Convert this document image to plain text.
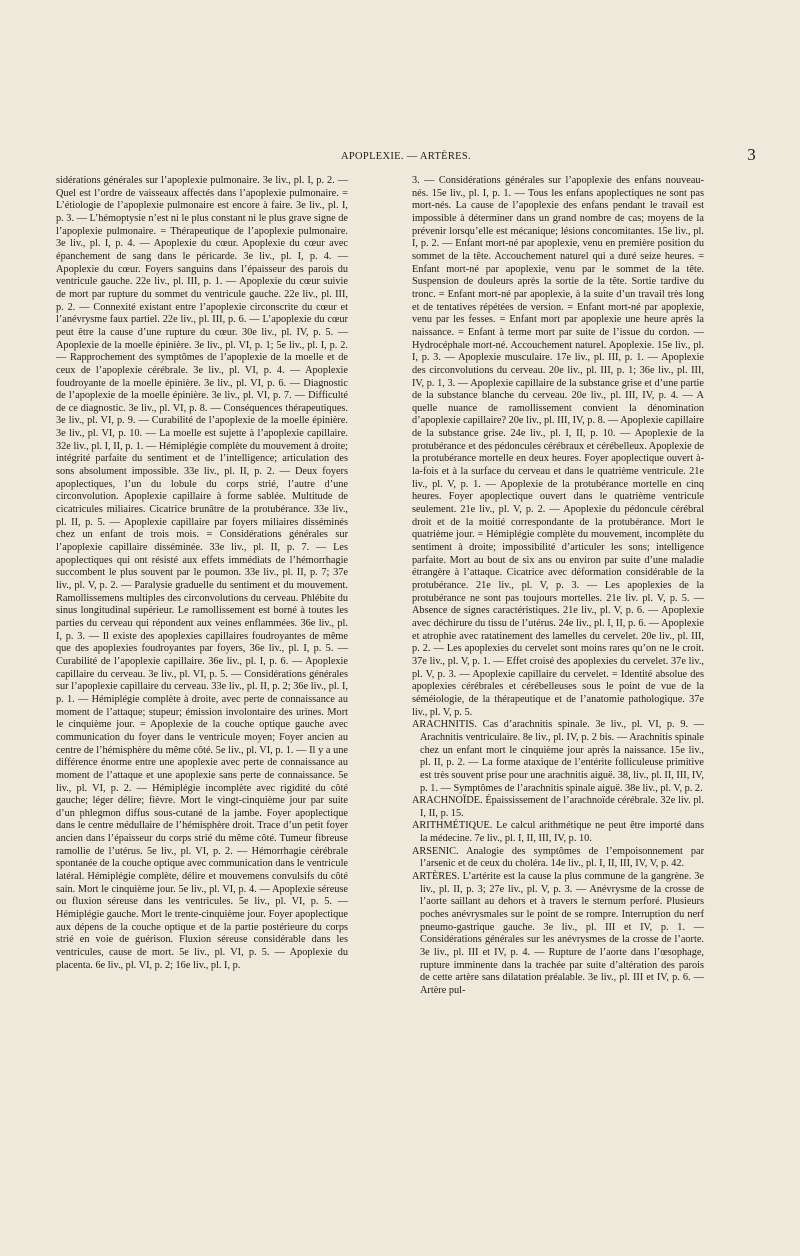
APOPLEXIE. — ARTÈRES.	3

sidérations générales sur l’apoplexie pulmonaire. 3e liv., pl. I, p. 2. — Quel est l’ordre de vaisseaux affectés dans l’apoplexie pulmonaire. = L’étiologie de l’apoplexie pulmonaire est encore à faire. 3e liv., pl. I, p. 3. — L’hémoptysie n’est ni le plus constant ni le plus grave signe de l’apoplexie pulmonaire. = Thérapeutique de l’apoplexie pulmonaire. 3e liv., pl. I, p. 4. — Apoplexie du cœur. Apoplexie du cœur avec épanchement de sang dans le péricarde. 3e liv., pl. I, p. 4. — Apoplexie du cœur. Foyers sanguins dans l’épaisseur des parois du ventricule gauche. 22e liv., pl. III, p. 1. — Apoplexie du cœur suivie de mort par rupture du sommet du ventricule gauche. 22e liv., pl. III, p. 2. — Connexité existant entre l’apoplexie circonscrite du cœur et l’anévrysme faux partiel. 22e liv., pl. III, p. 6. — L’apoplexie du cœur peut être la cause d’une rupture du cœur. 30e liv., pl. IV, p. 5. — Apoplexie de la moelle épinière. 3e liv., pl. VI, p. 1; 5e liv., pl. I, p. 2. — Rapprochement des symptômes de l’apoplexie de la moelle et de ceux de l’apoplexie cérébrale. 3e liv., pl. VI, p. 4. — Apoplexie foudroyante de la moelle épinière. 3e liv., pl. VI, p. 6. — Diagnostic de l’apoplexie de la moelle épinière. 3e liv., pl. VI, p. 7. — Difficulté de ce diagnostic. 3e liv., pl. VI, p. 8. — Conséquences thérapeutiques. 3e liv., pl. VI, p. 9. — Curabilité de l’apoplexie de la moelle épinière. 3e liv., pl. VI, p. 10. — La moelle est sujette à l’apoplexie capillaire. 32e liv., pl. I, II, p. 1. — Hémiplégie complète du mouvement à droite; intégrité parfaite du sentiment et de l’intelligence; articulation des sons absolument impossible. 33e liv., pl. II, p. 2. — Deux foyers apoplectiques, l’un du lobule du corps strié, l’autre d’une circonvolution. Apoplexie capillaire à forme sablée. Multitude de cicatricules miliaires. Cicatrice brunâtre de la protubérance. 33e liv., pl. II, p. 5. — Apoplexie capillaire par foyers miliaires disséminés chez un enfant de trois mois. = Considérations générales sur l’apoplexie capillaire disséminée. 33e liv., pl. II, p. 7. — Les apoplectiques qui ont résisté aux effets immédiats de l’hémorrhagie succombent le plus souvent par le poumon. 33e liv., pl. II, p. 7; 37e liv., pl. V, p. 2. — Paralysie graduelle du sentiment et du mouvement. Ramollissemens multiples des circonvolutions du cerveau. Phlébite du sinus longitudinal supérieur. Le ramollissement est borné à toutes les parties du cerveau qui répondent aux veines enflammées. 36e liv., pl. I, p. 3. — Il existe des apoplexies capillaires foudroyantes de même que des apoplexies foudroyantes par foyers, 36e liv., pl. I, p. 5. — Curabilité de l’apoplexie capillaire. 36e liv., pl. I, p. 6. — Apoplexie capillaire du cerveau. 3e liv., pl. VI, p. 5. — Considérations générales sur l’apoplexie capillaire du cerveau. 33e liv., pl. II, p. 2; 36e liv., pl. I, p. 1. — Hémiplégie complète à droite, avec perte de connaissance au moment de l’attaque; stupeur; émission involontaire des urines. Mort le cinquième jour. = Apoplexie de la couche optique gauche avec communication du foyer dans le ventricule moyen; Foyer ancien au centre de l’hémisphère du même côté. 5e liv., pl. VI, p. 1. — Il y a une différence énorme entre une apoplexie avec perte de connaissance au moment de l’attaque et une apoplexie sans perte de connaissance. 5e liv., pl. VI, p. 2. — Hémiplégie incomplète avec rigidité du côté gauche; léger délire; fièvre. Mort le vingt-cinquième jour par suite d’un phlegmon diffus sous-cutané de la jambe. Foyer apoplectique dans le centre médullaire de l’hémisphère droit. Trace d’un petit foyer ancien dans l’épaisseur du corps strié du même côté. Tumeur fibreuse ramollie de l’utérus. 5e liv., pl. VI, p. 2. — Hémorrhagie cérébrale spontanée de la couche optique avec communication dans le ventricule latéral. Hémiplégie complète, délire et mouvemens convulsifs du côté sain. Mort le cinquième jour. 5e liv., pl. VI, p. 4. — Apoplexie séreuse ou fluxion séreuse dans les ventricules. 5e liv., pl. VI, p. 5. — Hémiplégie gauche. Mort le trente-cinquième jour. Foyer apoplectique aux dépens de la couche optique et de la partie postérieure du corps strié en voie de guérison. Fluxion séreuse considérable dans les ventricules, cause de mort. 5e liv., pl. VI, p. 5. — Apoplexie du placenta. 6e liv., pl. VI, p. 2; 16e liv., pl. I, p.

3. — Considérations générales sur l’apoplexie des enfans nouveau-nés. 15e liv., pl. I, p. 1. — Tous les enfans apoplectiques ne sont pas mort-nés. La cause de l’apoplexie des enfans pendant le travail est impossible à déterminer dans un grand nombre de cas; moyens de la prévenir lorsqu’elle est mécanique; lésions concomitantes. 15e liv., pl. I, p. 2. — Enfant mort-né par apoplexie, venu en première position du sommet de la tête. Accouchement naturel qui a duré seize heures. = Enfant mort-né par apoplexie, venu par le sommet de la tête. Suspension de douleurs après la sortie de la tête. Sortie tardive du tronc. = Enfant mort-né par apoplexie, à la suite d’un travail très long et de tentatives répétées de version. = Enfant mort-né par apoplexie, venu par les fesses. = Enfant mort par apoplexie une heure après la naissance. = Enfant à terme mort par suite de l’issue du cordon. — Hydrocéphale mort-né. Accouchement naturel. Apoplexie. 15e liv., pl. I, p. 3. — Apoplexie musculaire. 17e liv., pl. III, p. 1. — Apoplexie des circonvolutions du cerveau. 20e liv., pl. III, p. 1; 36e liv., pl. III, IV, p. 1, 3. — Apoplexie capillaire de la substance grise et d’une partie de la substance blanche du cerveau. 20e liv., pl. III, IV, p. 4. — A quelle nuance de ramollissement convient la dénomination d’apoplexie capillaire? 20e liv., pl. III, IV, p. 8. — Apoplexie capillaire de la substance grise. 24e liv., pl. I, II, p. 10. — Apoplexie de la protubérance et des pédoncules cérébraux et cérébelleux. Apoplexie de la protubérance mortelle en deux heures. Foyer apoplectique ouvert à-la-fois et à la surface du cerveau et dans le quatrième ventricule. 21e liv., pl. V, p. 1. — Apoplexie de la protubérance mortelle en cinq heures. Foyer apoplectique ouvert dans le quatrième ventricule seulement. 21e liv., pl. V, p. 2. — Apoplexie du pédoncule cérébral droit et de la moitié correspondante de la protubérance. Mort le quatrième jour. = Hémiplégie complète du mouvement, incomplète du sentiment à droite; impossibilité d’articuler les sons; intelligence parfaite. Mort au bout de six ans ou environ par suite d’une maladie étrangère à l’attaque. Cicatrice avec déformation considérable de la protubérance. 21e liv., pl. V, p. 3. — Les apoplexies de la protubérance ne sont pas toujours mortelles. 21e liv. pl. V, p. 5. — Absence de signes caractéristiques. 21e liv., pl. V, p. 6. — Apoplexie avec déchirure du tissu de l’utérus. 24e liv., pl. I, II, p. 6. — Apoplexie et atrophie avec ratatinement des lamelles du cervelet. 20e liv., pl. III, p. 2. — Les apoplexies du cervelet sont moins rares qu’on ne le croit. 37e liv., pl. V, p. 1. — Effet croisé des apoplexies du cervelet. 37e liv., pl. V, p. 3. — Apoplexie capillaire du cervelet. = Identité absolue des apoplexies cérébrales et cérébelleuses sous le point de vue de la séméiologie, de la thérapeutique et de l’anatomie pathologique. 37e liv., pl. V, p. 5.

ARACHNITIS. Cas d’arachnitis spinale. 3e liv., pl. VI, p. 9. — Arachnitis ventriculaire. 8e liv., pl. IV, p. 2 bis. — Arachnitis spinale chez un enfant mort le cinquième jour après la naissance. 15e liv., pl. II, p. 2. — La forme ataxique de l’entérite folliculeuse primitive est très souvent prise pour une arachnitis aiguë. 38, liv., pl. II, III, IV, p. 1. — Symptômes de l’arachnitis spinale aiguë. 38e liv., pl. V, p. 2.

ARACHNOÏDE. Épaississement de l’arachnoïde cérébrale. 32e liv. pl. I, II, p. 15.

ARITHMÉTIQUE. Le calcul arithmétique ne peut être importé dans la médecine. 7e liv., pl. I, II, III, IV, p. 10.

ARSENIC. Analogie des symptômes de l’empoisonnement par l’arsenic et de ceux du choléra. 14e liv., pl. I, II, III, IV, V, p. 42.

ARTÈRES. L’artérite est la cause la plus commune de la gangrène. 3e liv., pl. II, p. 3; 27e liv., pl. V, p. 3. — Anévrysme de la crosse de l’aorte saillant au dehors et à travers le sternum perforé. Plusieurs poches anévrysmales sur le point de se rompre. Interruption du nerf pneumo-gastrique gauche. 3e liv., pl. III et IV, p. 1. — Considérations générales sur les anévrysmes de la crosse de l’aorte. 3e liv., pl. III et IV, p. 4. — Rupture de l’aorte dans l’œsophage, rupture imminente dans la trachée par suite d’altération des parois de cette artère sans dilatation préalable. 3e liv., pl. III et IV, p. 6. — Artère pul-
